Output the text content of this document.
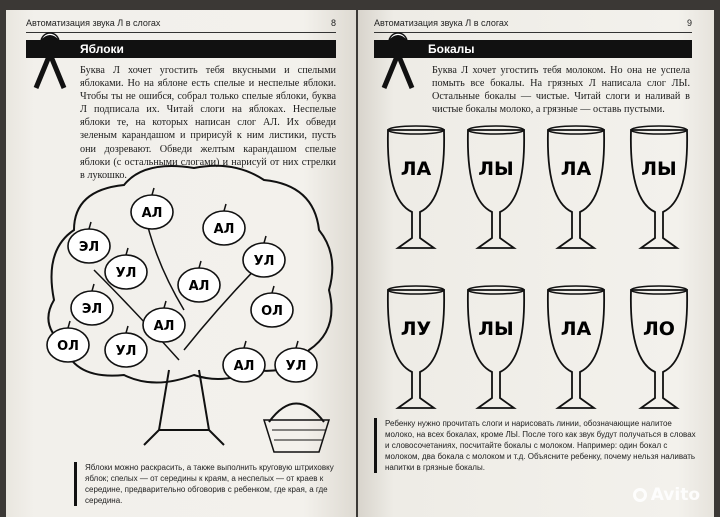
Автоматизация звука Л в слогах	8
Яблоки
Буква Л хочет угостить тебя вкусными и спелыми яблоками. Но на яблоне есть спелые и неспелые яблоки. Чтобы ты не ошибся, собрал только спелые яблоки, буква Л подписала их. Читай слоги на яблоках. Неспелые яблоки те, на которых написан слог АЛ. Их обведи зеленым карандашом и пририсуй к ним листики, пусть они дозревают. Обведи желтым карандашом спелые яблоки (с остальными слогами) и нарисуй от них стрелки в лукошко.
АЛ
ЭЛ
АЛ
УЛ
УЛ
АЛ
ЭЛ	ОЛ
АЛ
ОЛ	УЛ
АЛ УЛ
Яблоки можно раскрасить, а также выполнить круговую штриховку яблок; спелых — от середины к краям, а неспелых — от краев к середине, предварительно обговорив с ребенком, где края, а где середина.
Автоматизация звука Л в слогах	9
Бокалы
Буква Л хочет угостить тебя молоком. Но она не успела помыть все бокалы. На грязных Л написала слог ЛЫ. Остальные бокалы — чистые. Читай слоги и наливай в чистые бокалы молоко, а грязные — оставь пустыми.
ЛА ЛЫ ЛА	ЛЫ
ЛУ ЛЫ ЛА	ЛО
Ребенку нужно прочитать слоги и нарисовать линии, обозначающие налитое молоко, на всех бокалах, кроме ЛЫ. После того как звук будут получаться в словах и словосочетаниях, посчитайте бокалы с молоком. Например: один бокал с молоком, два бокала с молоком и т.д. Объясните ребенку, почему нельзя наливать напитки в грязные бокалы.
Avito
